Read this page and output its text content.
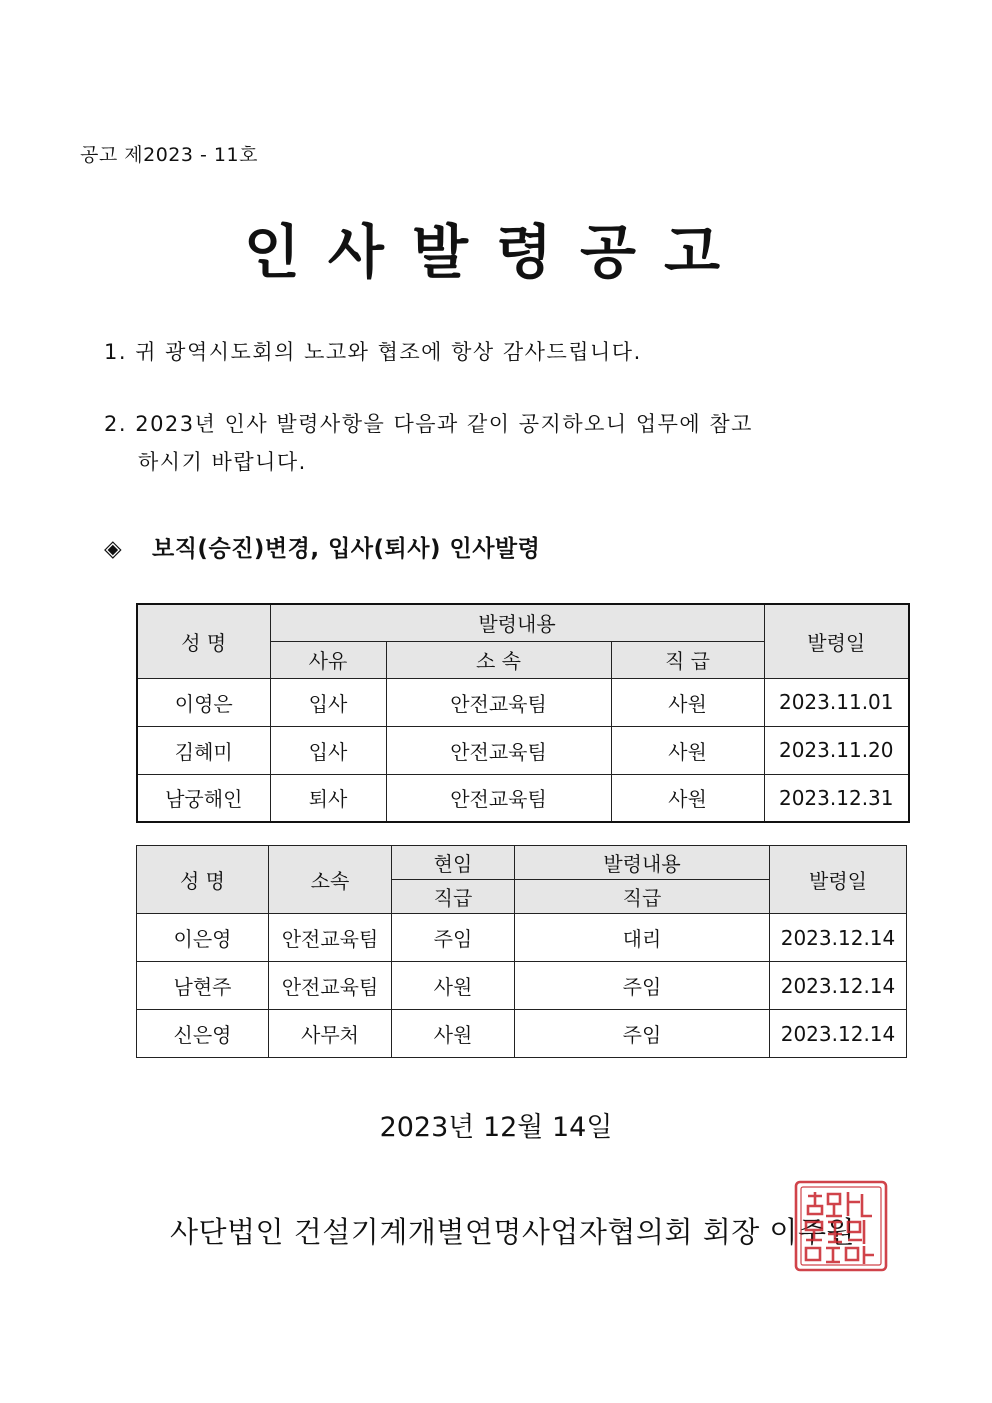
공고 제2023 - 11호
인사발령공고
1. 귀 광역시도회의 노고와 협조에 항상 감사드립니다.
2. 2023년 인사 발령사항을 다음과 같이 공지하오니 업무에 참고
하시기 바랍니다.
◈ 보직(승진)변경, 입사(퇴사) 인사발령
성 명	발령내용			발령일
	사유	소 속	직 급	
이영은	입사	안전교육팀	사원	2023.11.01
김혜미	입사	안전교육팀	사원	2023.11.20
남궁해인	퇴사	안전교육팀	사원	2023.12.31
성 명	소속	현임	발령내용	발령일
		직급	직급	
이은영	안전교육팀	주임	대리	2023.12.14
남현주	안전교육팀	사원	주임	2023.12.14
신은영	사무처	사원	주임	2023.12.14
2023년 12월 14일
사단법인 건설기계개별연명사업자협의회 회장 이주원
